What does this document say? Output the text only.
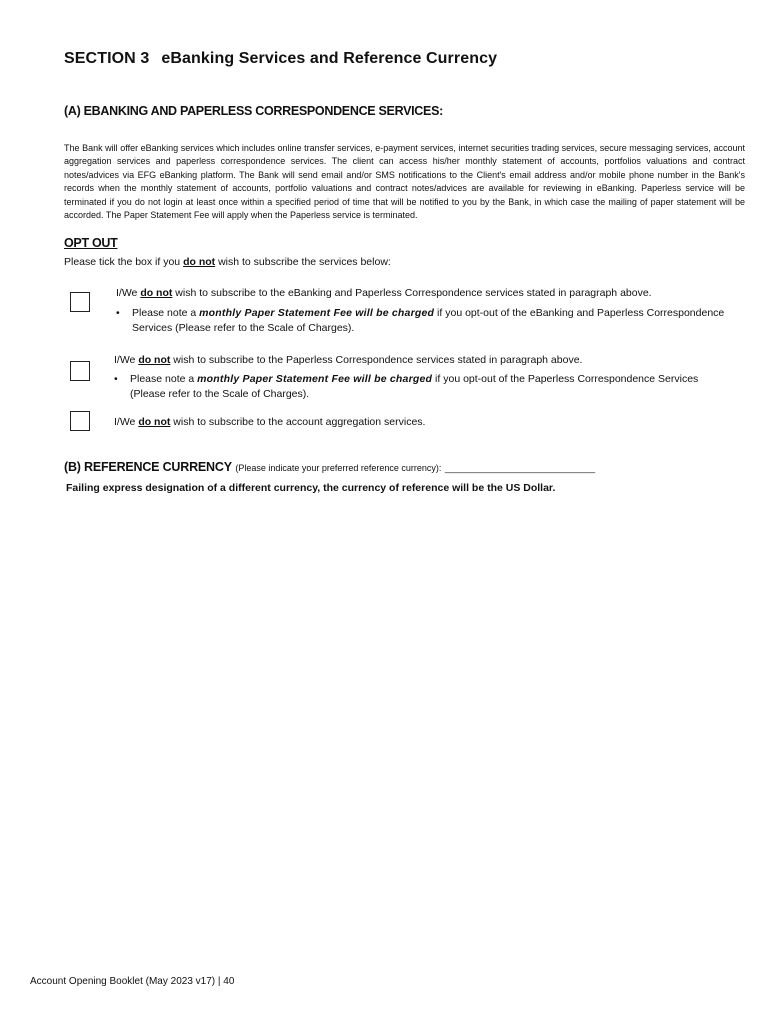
SECTION 3 eBanking Services and Reference Currency
(A) EBANKING AND PAPERLESS CORRESPONDENCE SERVICES:
The Bank will offer eBanking services which includes online transfer services, e-payment services, internet securities trading services, secure messaging services, account aggregation services and paperless correspondence services. The client can access his/her monthly statement of accounts, portfolios valuations and contract notes/advices via EFG eBanking platform. The Bank will send email and/or SMS notifications to the Client's email address and/or mobile phone number in the Bank's records when the monthly statement of accounts, portfolio valuations and contract notes/advices are available for reviewing in eBanking. Paperless service will be terminated if you do not login at least once within a specified period of time that will be notified to you by the Bank, in which case the mailing of paper statement will be accorded. The Paper Statement Fee will apply when the Paperless service is terminated.
OPT OUT
Please tick the box if you do not wish to subscribe the services below:
I/We do not wish to subscribe to the eBanking and Paperless Correspondence services stated in paragraph above.
• Please note a monthly Paper Statement Fee will be charged if you opt-out of the eBanking and Paperless Correspondence
Services (Please refer to the Scale of Charges).
I/We do not wish to subscribe to the Paperless Correspondence services stated in paragraph above.
• Please note a monthly Paper Statement Fee will be charged if you opt-out of the Paperless Correspondence Services
(Please refer to the Scale of Charges).
I/We do not wish to subscribe to the account aggregation services.
(B) REFERENCE CURRENCY (Please indicate your preferred reference currency): ______________________________
Failing express designation of a different currency, the currency of reference will be the US Dollar.
Account Opening Booklet (May 2023 v17) | 40
